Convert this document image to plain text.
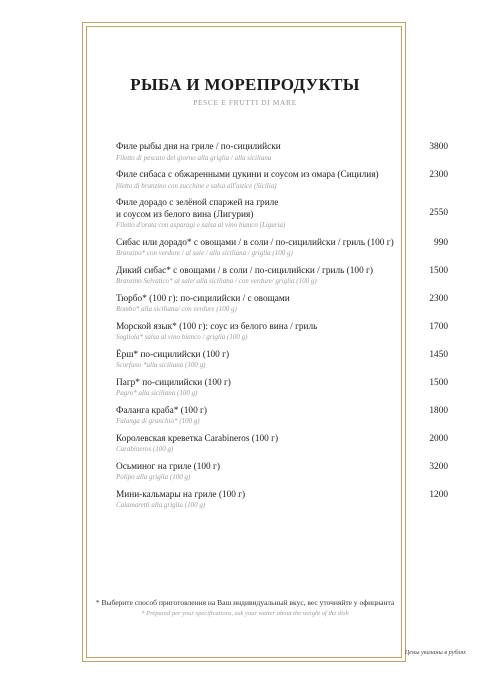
РЫБА И МОРЕПРОДУКТЫ
PESCE E FRUTTI DI MARE
Филе рыбы дня на гриле / по-сицилийски
Filetto di pescato del giorno alla griglia / alla siciliana
3800
Филе сибаса с обжаренными цукини и соусом из омара (Сицилия)
filetto di branzino con zucchine e salsa all'astice (Sicilia)
2300
Филе дорадо с зелёной спаржей на гриле
и соусом из белого вина (Лигурия)
Filetto d'orata con asparagi e salsa al vino bianco (Liguria)
2550
Сибас или дорадо* с овощами / в соли / по-сицилийски / гриль (100 г)
Branzino* con verdure / al sale / alla siciliana / griglia (100 g)
990
Дикий сибас* с овощами / в соли / по-сицилийски / гриль (100 г)
Branzino Selvatico* al sale/ alla siciliana / con verdure/ griglia (100 g)
1500
Тюрбо* (100 г): по-сицилийски / с овощами
Rombo* alla siciliana/ con verdure (100 g)
2300
Морской язык* (100 г): соус из белого вина / гриль
Sogliola* salsa al vino bianco / griglia (100 g)
1700
Ёрш* по-сицилийски (100 г)
Scorfano *alla siciliana (100 g)
1450
Пагр* по-сицилийски (100 г)
Pagro* alla siciliana (100 g)
1500
Фаланга краба* (100 г)
Falanga di granchio* (100 g)
1800
Королевская креветка Carabineros (100 г)
Carabineros (100 g)
2000
Осьминог на гриле (100 г)
Polipo alla griglia (100 g)
3200
Мини-кальмары на гриле (100 г)
Calamaretti alla griglia (100 g)
1200
* Выберите способ приготовления на Ваш индивидуальный вкус, вес уточняйте у официанта
* Prepared per your specifications, ask your waiter about the weight of the dish
Цены указаны в рублях
